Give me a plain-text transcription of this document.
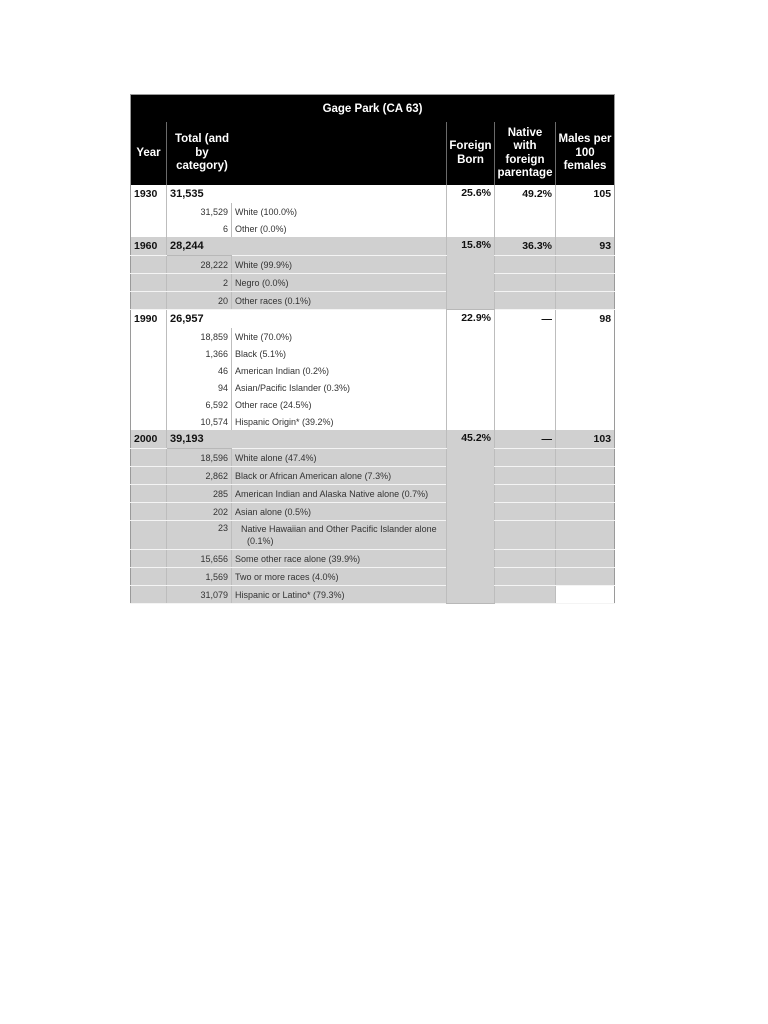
Gage Park (CA 63)					
Year	Total (and by category)		Foreign Born	Native with foreign parentage	Males per 100 females
1930	31,535		25.6%	49.2%	105
	31,529	White (100.0%)			
	6	Other (0.0%)			
1960	28,244		15.8%	36.3%	93
	28,222	White (99.9%)			
	2	Negro (0.0%)			
	20	Other races (0.1%)			
1990	26,957		22.9%	—	98
	18,859	White (70.0%)			
	1,366	Black (5.1%)			
	46	American Indian (0.2%)			
	94	Asian/Pacific Islander (0.3%)			
	6,592	Other race (24.5%)			
	10,574	Hispanic Origin* (39.2%)			
2000	39,193		45.2%	—	103
	18,596	White alone (47.4%)			
	2,862	Black or African American alone (7.3%)			
	285	American Indian and Alaska Native alone (0.7%)			
	202	Asian alone (0.5%)			
	23	Native Hawaiian and Other Pacific Islander alone (0.1%)			

	15,656	Some other race alone (39.9%)			
	1,569	Two or more races (4.0%)			
	31,079	Hispanic or Latino* (79.3%)			
